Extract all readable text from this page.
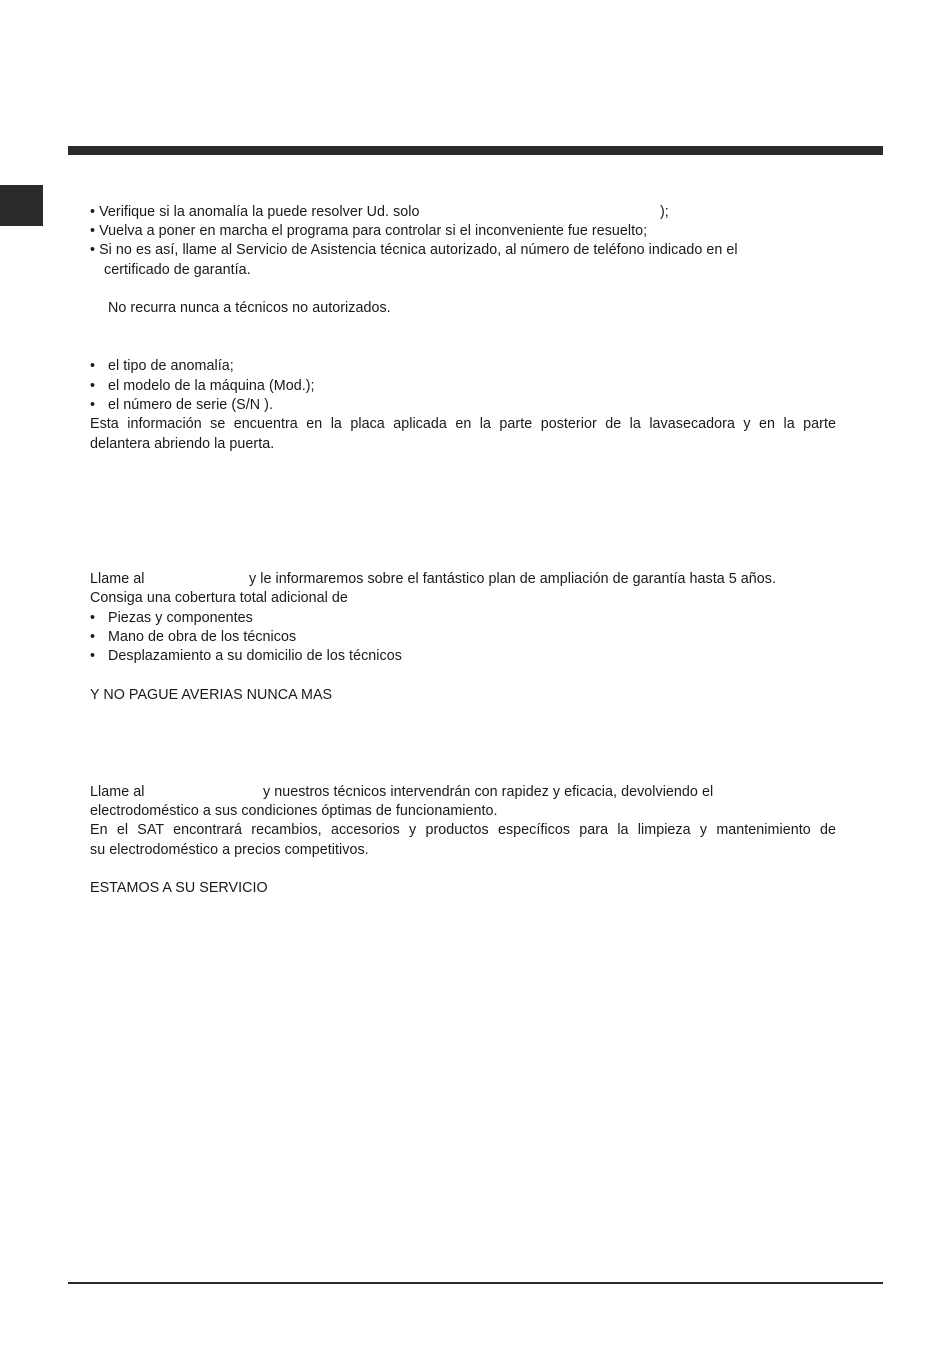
• Verifique si la anomalía la puede resolver Ud. solo	);

• Vuelva a poner en marcha el programa para controlar si el inconveniente fue resuelto;

• Si no es así, llame al Servicio de Asistencia técnica autorizado, al número de teléfono indicado en el

certificado de garantía.

No recurra nunca a técnicos no autorizados.

• el tipo de anomalía;

• el modelo de la máquina (Mod.);

• el número de serie (S/N ).

Esta información se encuentra en la placa aplicada en la parte posterior de la lavasecadora y en la parte

delantera abriendo la puerta.

Llame al	y le informaremos sobre el fantástico plan de ampliación de garantía hasta 5 años.

Consiga una cobertura total adicional de

• Piezas y componentes

• Mano de obra de los técnicos

• Desplazamiento a su domicilio de los técnicos

Y NO PAGUE AVERIAS NUNCA MAS

Llame al	y nuestros técnicos intervendrán con rapidez y eficacia, devolviendo el

electrodoméstico a sus condiciones óptimas de funcionamiento.

En el SAT encontrará recambios, accesorios y productos específicos para la limpieza y mantenimiento de

su electrodoméstico a precios competitivos.

ESTAMOS A SU SERVICIO
